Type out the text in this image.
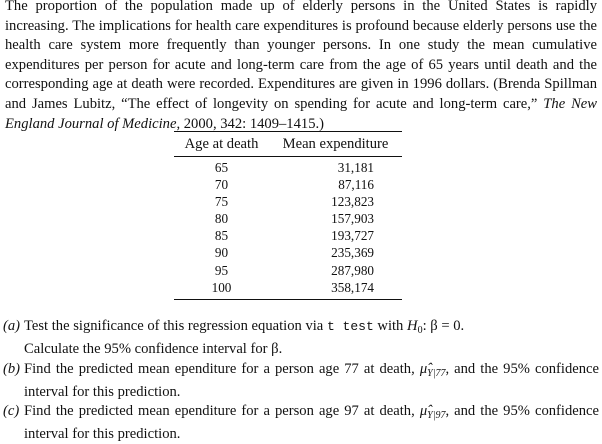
The proportion of the population made up of elderly persons in the United States is rapidly increasing. The implications for health care expenditures is profound because elderly persons use the health care system more frequently than younger persons. In one study the mean cumulative expenditures per person for acute and long-term care from the age of 65 years until death and the corresponding age at death were recorded. Expenditures are given in 1996 dollars. (Brenda Spillman and James Lubitz, “The effect of longevity on spending for acute and long-term care,” The New England Journal of Medicine, 2000, 342: 1409–1415.)
Age at death	Mean expenditure
65	31,181
70	87,116
75	123,823
80	157,903
85	193,727
90	235,369
95	287,980
100	358,174
(a) Test the significance of this regression equation via t test with $H_0$: β = 0.
Calculate the 95% confidence interval for β.
(b) Find the predicted mean ependiture for a person age 77 at death, $\mû_{Y|77}$, and the 95% confidence interval for this prediction.
(c) Find the predicted mean ependiture for a person age 97 at death, $\mû_{Y|97}$, and the 95% confidence interval for this prediction.
